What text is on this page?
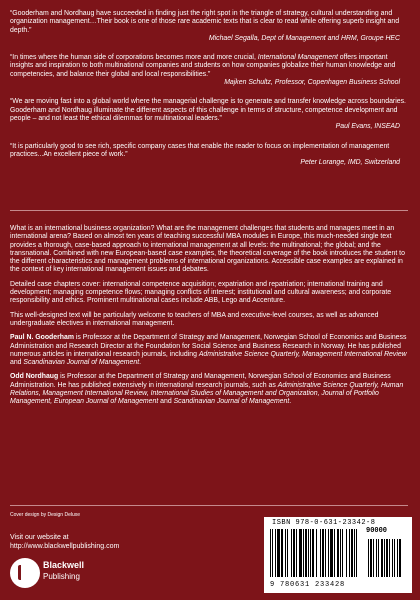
“Gooderham and Nordhaug have succeeded in finding just the right spot in the triangle of strategy, cultural understanding and organization management…Their book is one of those rare academic texts that is clear to read while offering superb insight and depth.”
Michael Segalla, Dept of Management and HRM, Groupe HEC
“In times where the human side of corporations becomes more and more crucial, International Management offers important insights and inspiration to both multinational companies and students on how companies globalize their human knowledge and competencies, and balance their global and local responsibilities.”
Majken Schultz, Professor, Copenhagen Business School
“We are moving fast into a global world where the managerial challenge is to generate and transfer knowledge across boundaries. Gooderham and Nordhaug illuminate the different aspects of this challenge in terms of structure, competence development and people – and not least the ethical dilemmas for multinational leaders.”
Paul Evans, INSEAD
“It is particularly good to see rich, specific company cases that enable the reader to focus on implementation of management practices...An excellent piece of work.”
Peter Lorange, IMD, Switzerland

What is an international business organization? What are the management challenges that students and managers meet in an international arena? Based on almost ten years of teaching successful MBA modules in Europe, this much-needed single text provides a thorough, case-based approach to international management at all levels: the multinational; the global; and the transnational. Combined with new European-based case examples, the theoretical coverage of the book introduces the student to the different characteristics and management problems of international organizations. Accessible case examples are explained in the context of key international management issues and debates.

Detailed case chapters cover: international competence acquisition; expatriation and repatriation; international training and development; managing competence flows; managing conflicts of interest; institutional and cultural awareness; and corporate responsibility and ethics. Prominent multinational cases include ABB, Lego and Accenture.

This well-designed text will be particularly welcome to teachers of MBA and executive-level courses, as well as advanced undergraduate electives in international management.

Paul N. Gooderham is Professor at the Department of Strategy and Management, Norwegian School of Economics and Business Administration and Research Director at the Foundation for Social Science and Business Research in Norway. He has published numerous articles in international research journals, including Administrative Science Quarterly, Management International Review and Scandinavian Journal of Management.

Odd Nordhaug is Professor at the Department of Strategy and Management, Norwegian School of Economics and Business Administration. He has published extensively in international research journals, such as Administrative Science Quarterly, Human Relations, Management International Review, International Studies of Management and Organization, Journal of Portfolio Management, European Journal of Management and Scandinavian Journal of Management.

Cover design by Design Deluxe
Visit our website at
http://www.blackwellpublishing.com
Blackwell
Publishing
ISBN 978-0-631-23342-8
90000
9 780631 233428
